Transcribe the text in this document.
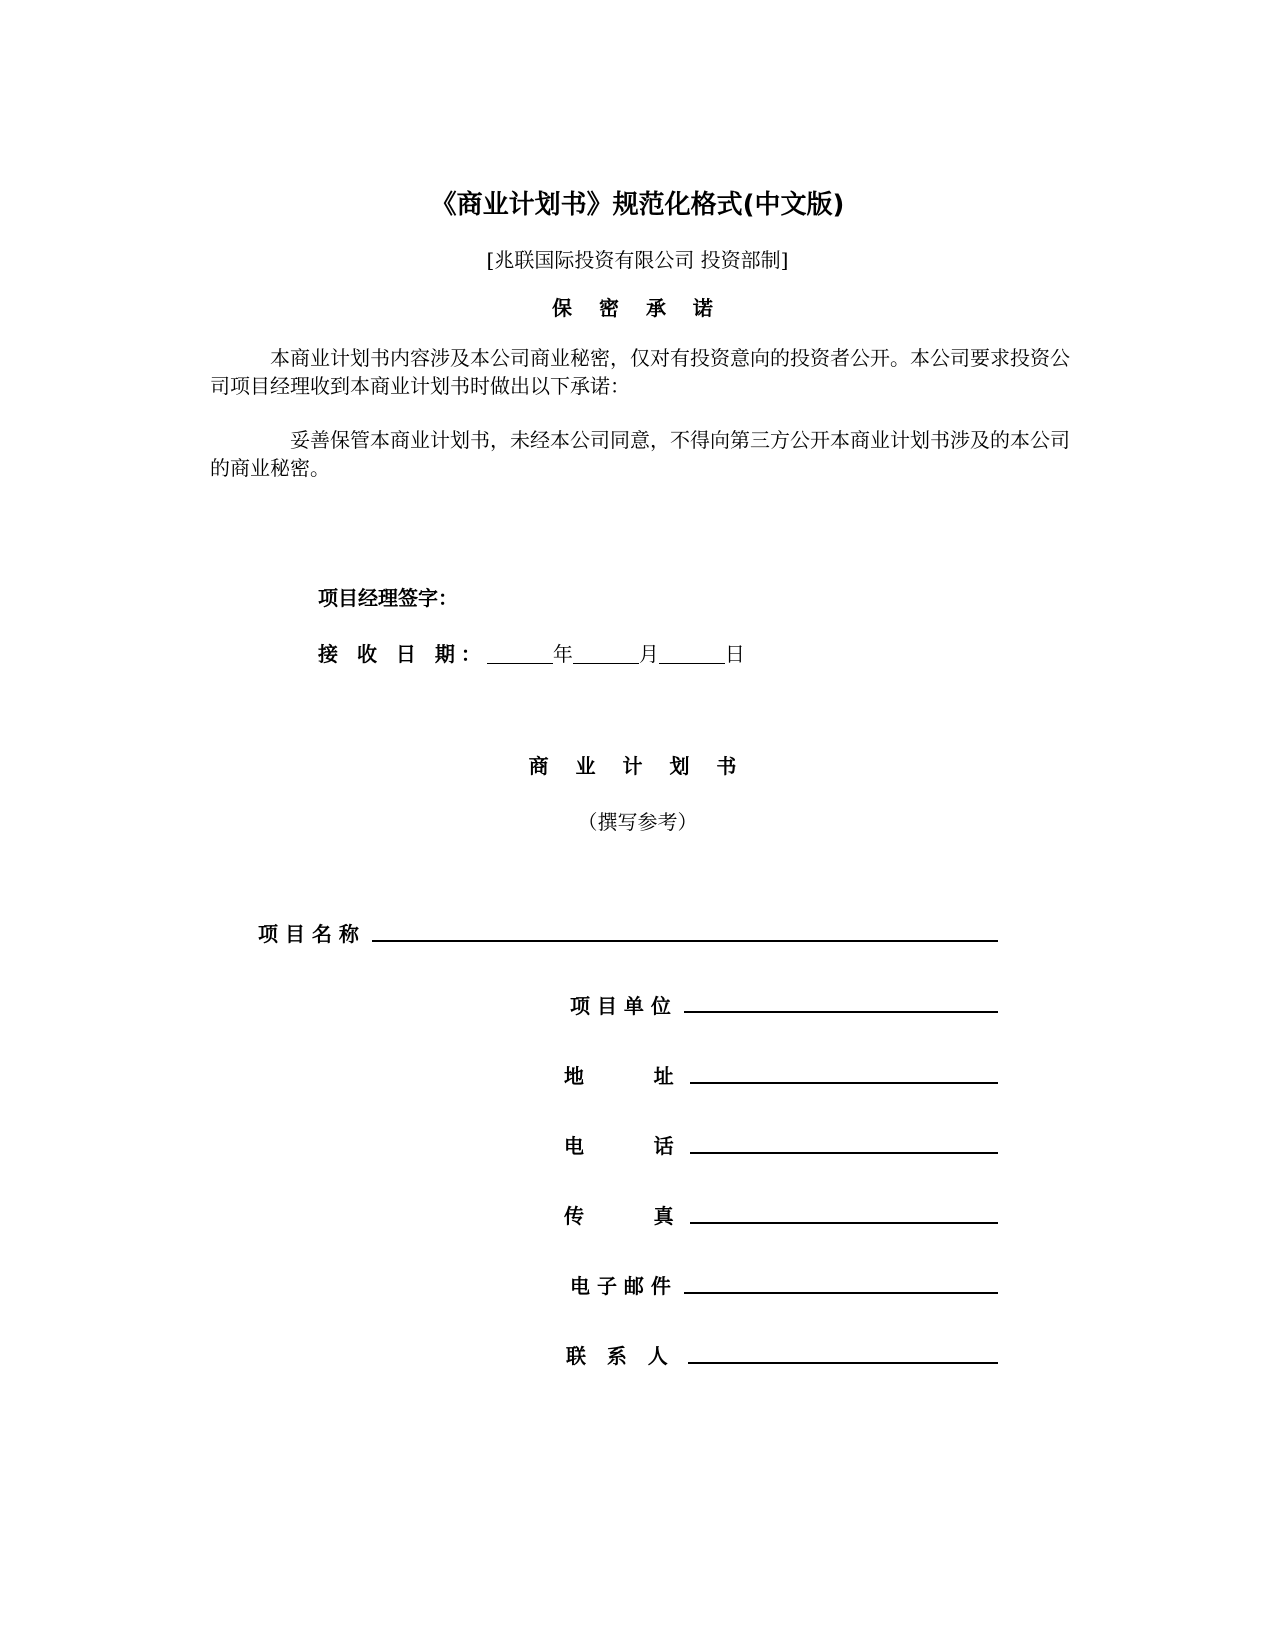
《商业计划书》规范化格式(中文版)
[兆联国际投资有限公司 投资部制]
保 密 承 诺
本商业计划书内容涉及本公司商业秘密，仅对有投资意向的投资者公开。本公司要求投资公司项目经理收到本商业计划书时做出以下承诺：
妥善保管本商业计划书，未经本公司同意，不得向第三方公开本商业计划书涉及的本公司的商业秘密。
项目经理签字：
接 收 日 期：	年	月	日
商 业 计 划 书
（撰写参考）
项 目 名 称
项 目 单 位
地          址
电          话
传          真
电 子 邮 件
联   系   人
